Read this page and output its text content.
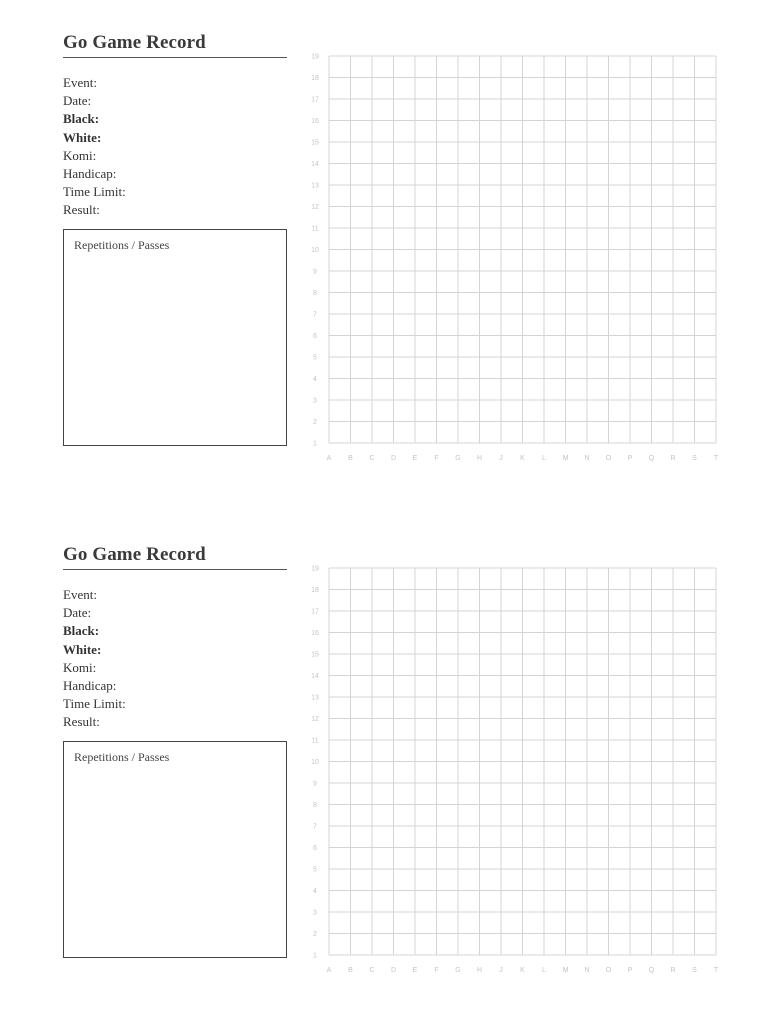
Go Game Record
Event:
Date:
Black:
White:
Komi:
Handicap:
Time Limit:
Result:
Repetitions / Passes
19
18
17
16
15
14
13
12
11
10
9
8
7
6
5
4
3
2
1
A B C D E F G H J K L M N O P Q R S T
Go Game Record
Event:
Date:
Black:
White:
Komi:
Handicap:
Time Limit:
Result:
Repetitions / Passes
19
18
17
16
15
14
13
12
11
10
9
8
7
6
5
4
3
2
1
A B C D E F G H J K L M N O P Q R S T
